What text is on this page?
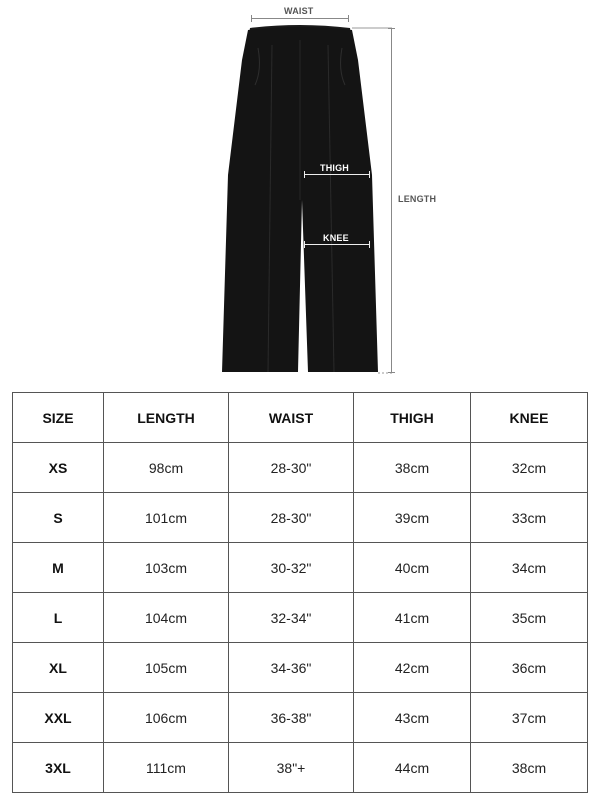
WAIST
THIGH
KNEE
LENGTH
SIZE	LENGTH	WAIST	THIGH	KNEE
XS	98cm	28-30"	38cm	32cm
S	101cm	28-30"	39cm	33cm
M	103cm	30-32"	40cm	34cm
L	104cm	32-34"	41cm	35cm
XL	105cm	34-36"	42cm	36cm
XXL	106cm	36-38"	43cm	37cm
3XL	111cm	38"+	44cm	38cm
